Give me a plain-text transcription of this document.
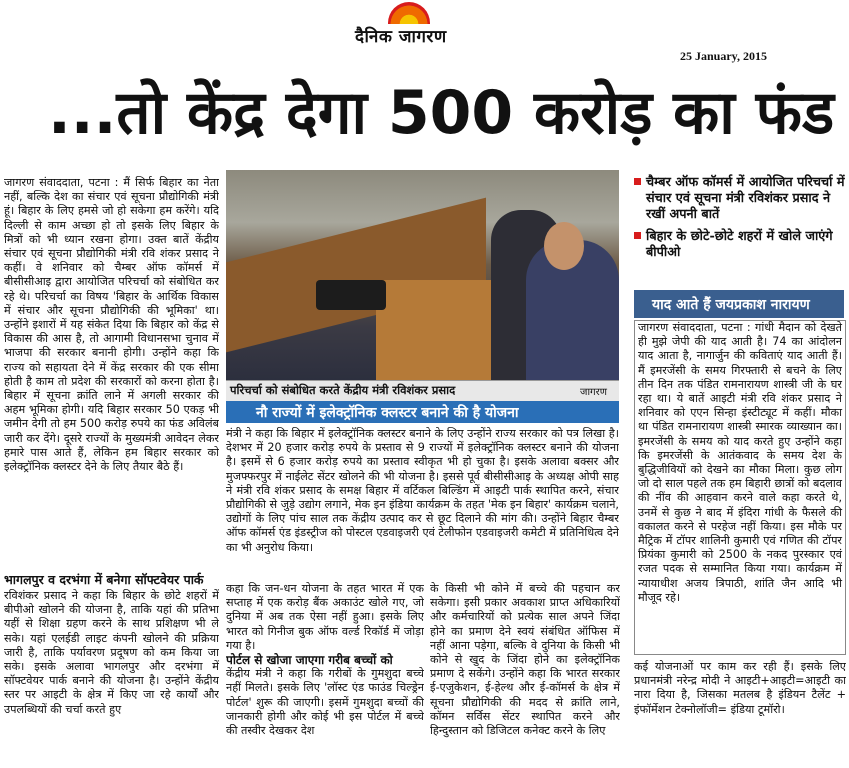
दैनिक जागरण
25 January, 2015
...तो केंद्र देगा 500 करोड़ का फंड

जागरण संवाददाता, पटना : मैं सिर्फ बिहार का नेता नहीं, बल्कि देश का संचार एवं सूचना प्रौद्योगिकी मंत्री हूं। बिहार के लिए हमसे जो हो सकेगा हम करेंगे। यदि दिल्ली से काम अच्छा हो तो इसके लिए बिहार के मित्रों को भी ध्यान रखना होगा। उक्त बातें केंद्रीय संचार एवं सूचना प्रौद्योगिकी मंत्री रवि शंकर प्रसाद ने कहीं। वे शनिवार को चैम्बर ऑफ कॉमर्स में बीसीसीआइ द्वारा आयोजित परिचर्चा को संबोधित कर रहे थे। परिचर्चा का विषय 'बिहार के आर्थिक विकास में संचार और सूचना प्रौद्योगिकी की भूमिका' था। उन्होंने इशारों में यह संकेत दिया कि बिहार को केंद्र से विकास की आस है, तो आगामी विधानसभा चुनाव में भाजपा की सरकार बनानी होगी। उन्होंने कहा कि राज्य को सहायता देने में केंद्र सरकार की एक सीमा होती है काम तो प्रदेश की सरकारों को करना होता है। बिहार में सूचना क्रांति लाने में अगली सरकार की अहम भूमिका होगी। यदि बिहार सरकार 50 एकड़ भी जमीन देगी तो हम 500 करोड़ रुपये का फंड अविलंब जारी कर देंगे। दूसरे राज्यों के मुख्यमंत्री आवेदन लेकर हमारे पास आते हैं, लेकिन हम बिहार सरकार को इलेक्ट्रॉनिक क्लस्टर देने के लिए तैयार बैठे हैं।

भागलपुर व दरभंगा में बनेगा सॉफ्टवेयर पार्क

रविशंकर प्रसाद ने कहा कि बिहार के छोटे शहरों में बीपीओ खोलने की योजना है, ताकि यहां की प्रतिभा यहीं से शिक्षा ग्रहण करने के साथ प्रशिक्षण भी ले सके। यहां एलईडी लाइट कंपनी खोलने की प्रक्रिया जारी है, ताकि पर्यावरण प्रदूषण को कम किया जा सके। इसके अलावा भागलपुर और दरभंगा में सॉफ्टवेयर पार्क बनाने की योजना है। उन्होंने केंद्रीय स्तर पर आइटी के क्षेत्र में किए जा रहे कार्यों और उपलब्धियों की चर्चा करते हुए

परिचर्चा को संबोधित करते केंद्रीय मंत्री रविशंकर प्रसाद	जागरण
नौ राज्यों में इलेक्ट्रॉनिक क्लस्टर बनाने की है योजना

मंत्री ने कहा कि बिहार में इलेक्ट्रॉनिक क्लस्टर बनाने के लिए उन्होंने राज्य सरकार को पत्र लिखा है। देशभर में 20 हजार करोड़ रुपये के प्रस्ताव से 9 राज्यों में इलेक्ट्रॉनिक क्लस्टर बनाने की योजना है। इसमें से 6 हजार करोड़ रुपये का प्रस्ताव स्वीकृत भी हो चुका है। इसके अलावा बक्सर और मुजफ्फरपुर में नाईलेट सेंटर खोलने की भी योजना है। इससे पूर्व बीसीसीआइ के अध्यक्ष ओपी साह ने मंत्री रवि शंकर प्रसाद के समक्ष बिहार में वर्टिकल बिल्डिंग में आइटी पार्क स्थापित करने, संचार प्रौद्योगिकी से जुड़े उद्योग लगाने, मेक इन इंडिया कार्यक्रम के तहत 'मेक इन बिहार' कार्यक्रम चलाने, उद्योगों के लिए पांच साल तक केंद्रीय उत्पाद कर से छूट दिलाने की मांग की। उन्होंने बिहार चैम्बर ऑफ कॉमर्स एंड इंडस्ट्रीज को पोस्टल एडवाइजरी एवं टेलीफोन एडवाइजरी कमेटी में प्रतिनिधित्व देने का भी अनुरोध किया।

कहा कि जन-धन योजना के तहत भारत में एक सप्ताह में एक करोड़ बैंक अकाउंट खोले गए, जो दुनिया में अब तक ऐसा नहीं हुआ। इसके लिए भारत को गिनीज बुक ऑफ वर्ल्ड रिकॉर्ड में जोड़ा गया है।

पोर्टल से खोजा जाएगा गरीब बच्चों को

केंद्रीय मंत्री ने कहा कि गरीबों के गुमशुदा बच्चे नहीं मिलते। इसके लिए 'लॉस्ट एंड फाउंड चिल्ड्रेन पोर्टल' शुरू की जाएगी। इसमें गुमशुदा बच्चों की जानकारी होगी और कोई भी इस पोर्टल में बच्चे की तस्वीर देखकर देश

के किसी भी कोने में बच्चे की पहचान कर सकेगा। इसी प्रकार अवकाश प्राप्त अधिकारियों और कर्मचारियों को प्रत्येक साल अपने जिंदा होने का प्रमाण देने स्वयं संबंधित ऑफिस में नहीं आना पड़ेगा, बल्कि वे दुनिया के किसी भी कोने से खुद के जिंदा होने का इलेक्ट्रॉनिक प्रमाण दे सकेंगे। उन्होंने कहा कि भारत सरकार ई-एजुकेशन, ई-हेल्थ और ई-कॉमर्स के क्षेत्र में सूचना प्रौद्योगिकी की मदद से क्रांति लाने, कॉमन सर्विस सेंटर स्थापित करने और हिन्दुस्तान को डिजिटल कनेक्ट करने के लिए

चैम्बर ऑफ कॉमर्स में आयोजित परिचर्चा में संचार एवं सूचना मंत्री रविशंकर प्रसाद ने रखीं अपनी बातें
बिहार के छोटे-छोटे शहरों में खोले जाएंगे बीपीओ
याद आते हैं जयप्रकाश नारायण

जागरण संवाददाता, पटना : गांधी मैदान को देखते ही मुझे जेपी की याद आती है। 74 का आंदोलन याद आता है, नागार्जुन की कविताएं याद आती हैं। मैं इमरजेंसी के समय गिरफ्तारी से बचने के लिए तीन दिन तक पंडित रामनारायण शास्त्री जी के घर रहा था। ये बातें आइटी मंत्री रवि शंकर प्रसाद ने शनिवार को एएन सिन्हा इंस्टीट्यूट में कहीं। मौका था पंडित रामनारायण शास्त्री स्मारक व्याख्यान का। इमरजेंसी के समय को याद करते हुए उन्होंने कहा कि इमरजेंसी के आतंकवाद के समय देश के बुद्धिजीवियों को देखने का मौका मिला। कुछ लोग जो दो साल पहले तक हम बिहारी छात्रों को बदलाव की नींव की आहवान करने वाले कहा करते थे, उनमें से कुछ ने बाद में इंदिरा गांधी के फैसले की वकालत करने से परहेज नहीं किया। इस मौके पर मैट्रिक में टॉपर शालिनी कुमारी एवं गणित की टॉपर प्रियंका कुमारी को 2500 के नकद पुरस्कार एवं रजत पदक से सम्मानित किया गया। कार्यक्रम में न्यायाधीश अजय त्रिपाठी, शांति जैन आदि भी मौजूद रहे।

कई योजनाओं पर काम कर रही हैं। इसके लिए प्रधानमंत्री नरेन्द्र मोदी ने आइटी+आइटी=आइटी का नारा दिया है, जिसका मतलब है इंडियन टैलेंट + इंफॉर्मेशन टेक्नोलॉजी= इंडिया टूमॉरो।
